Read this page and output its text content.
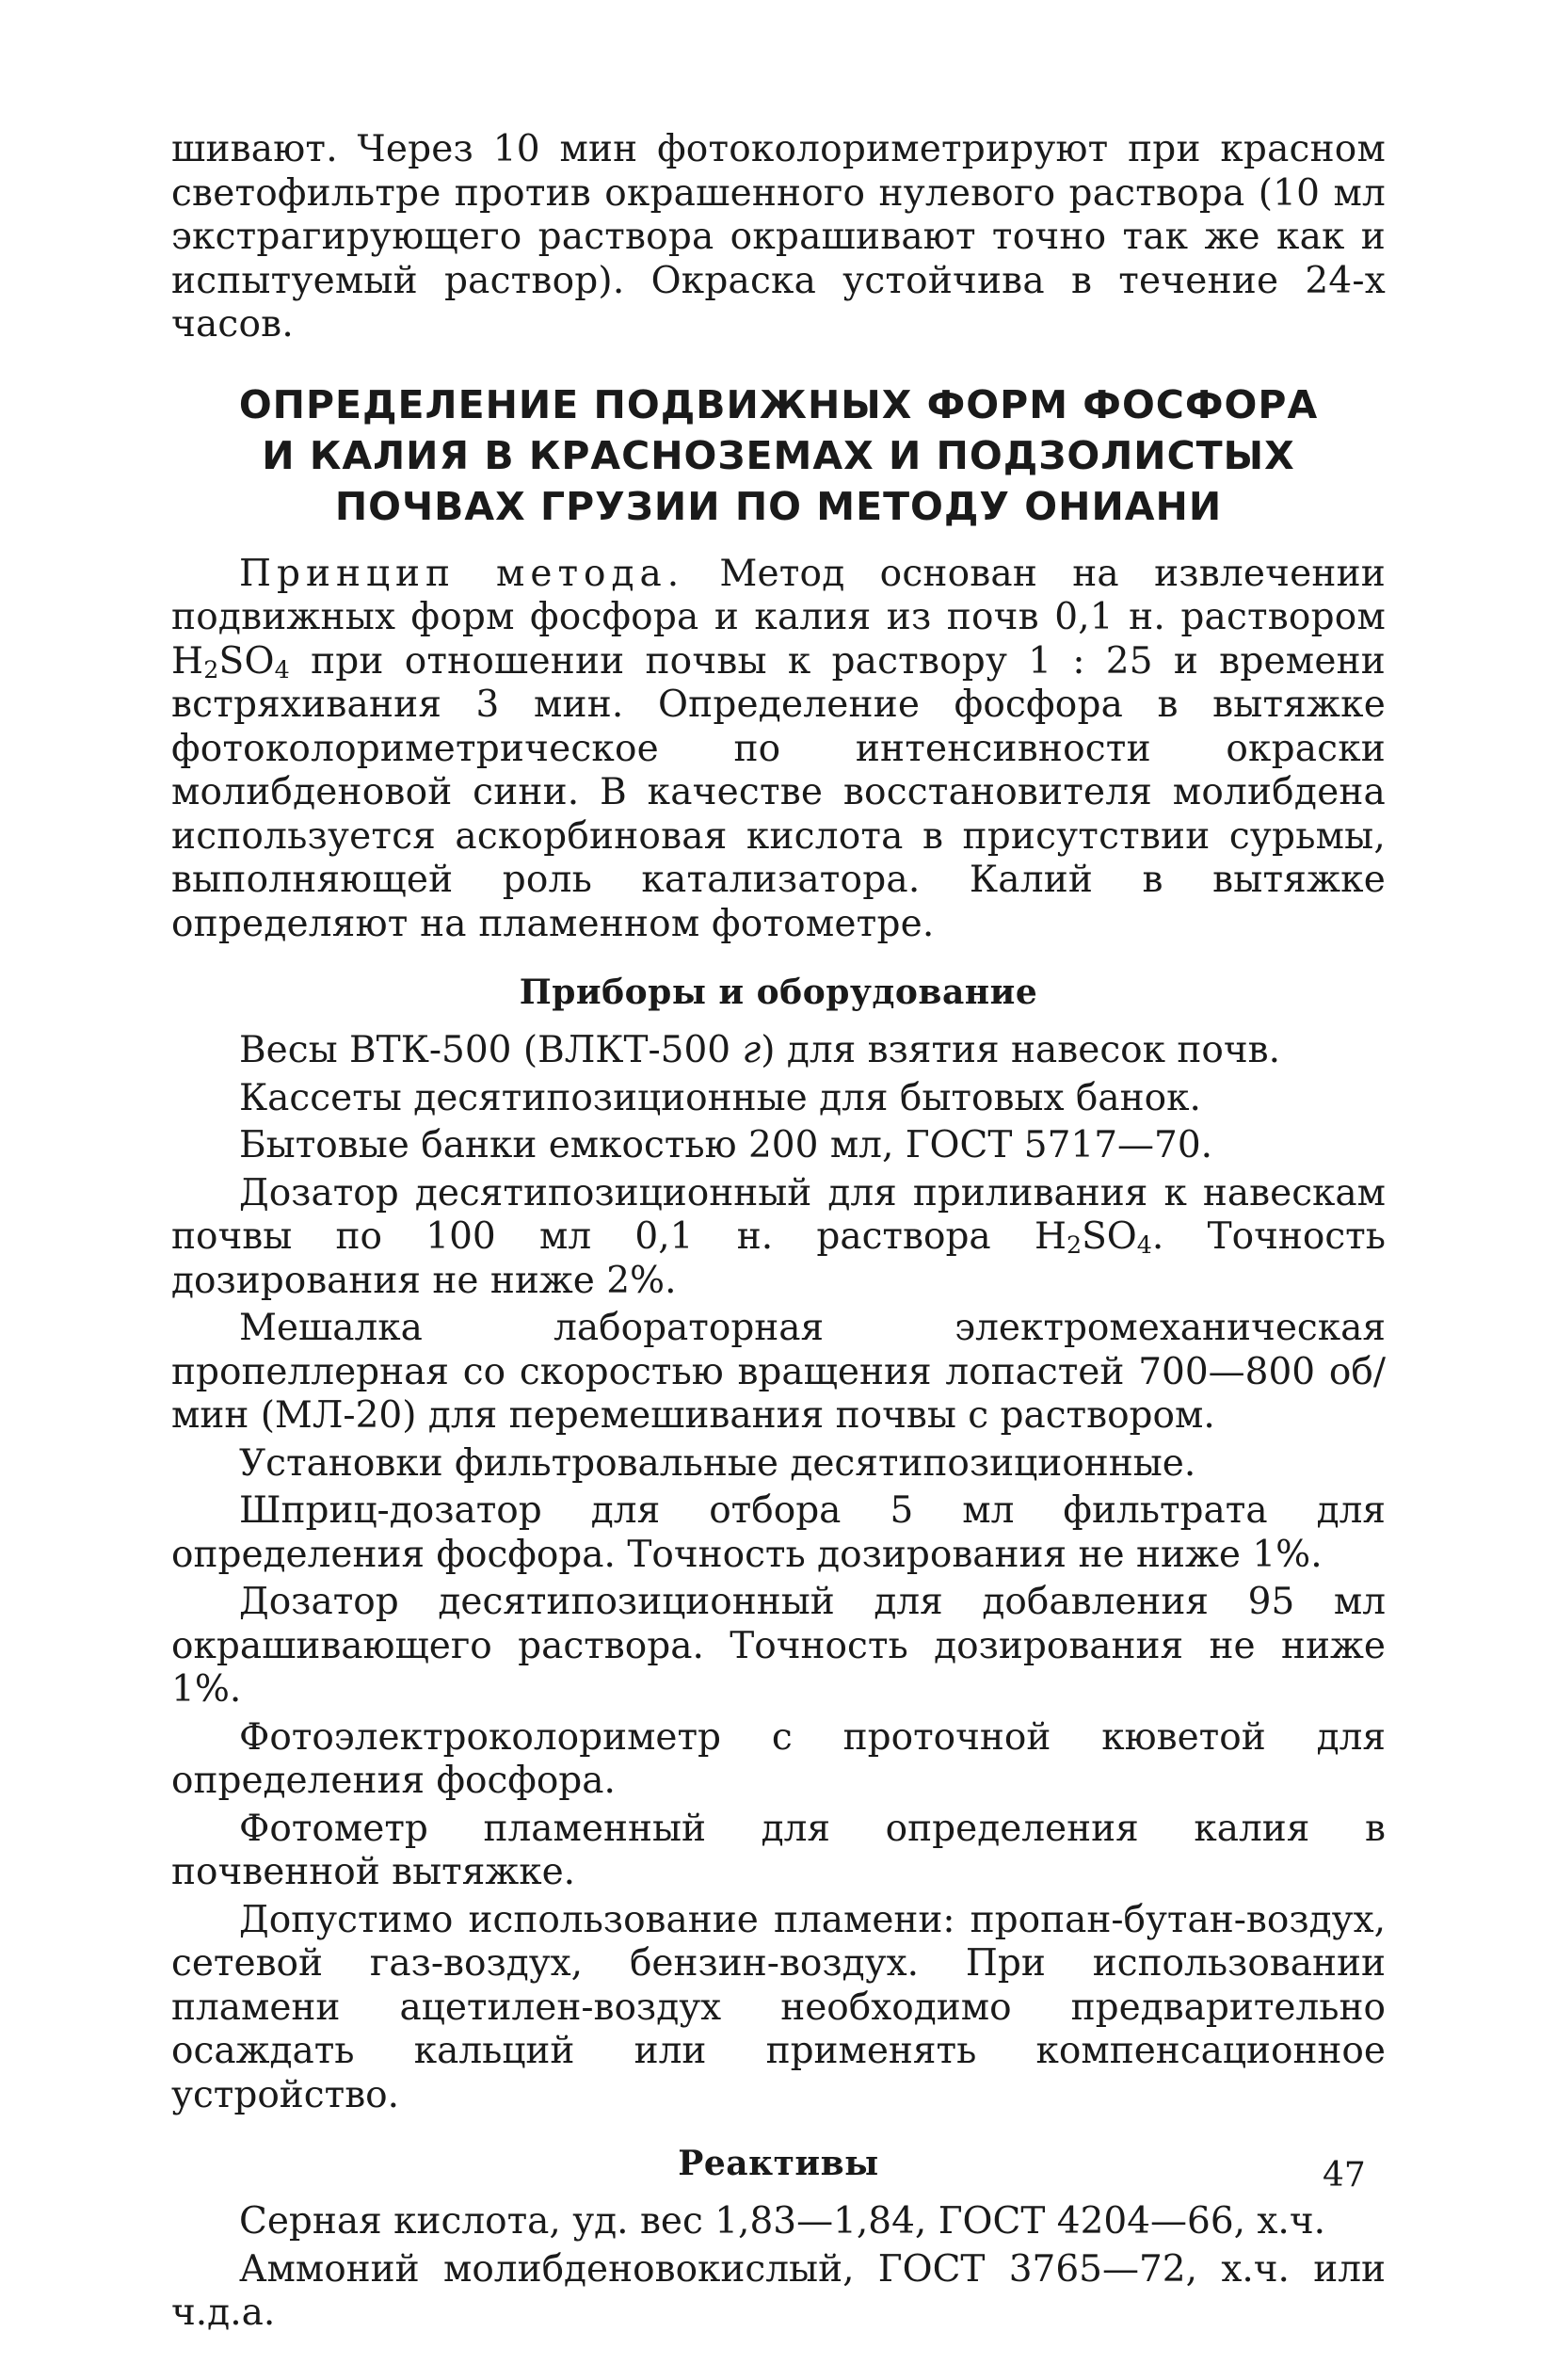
шивают. Через 10 мин фотоколориметрируют при красном светофильтре против окрашенного нулевого раствора (10 мл экстрагирующего раствора окрашивают точно так же как и испытуемый раствор). Окраска устойчива в течение 24-х часов.

ОПРЕДЕЛЕНИЕ ПОДВИЖНЫХ ФОРМ ФОСФОРА
И КАЛИЯ В КРАСНОЗЕМАХ И ПОДЗОЛИСТЫХ
ПОЧВАХ ГРУЗИИ ПО МЕТОДУ ОНИАНИ

Принцип метода. Метод основан на извлечении подвижных форм фосфора и калия из почв 0,1 н. раствором $H_2SO_4$ при отношении почвы к раствору 1 : 25 и времени встряхивания 3 мин. Определение фосфора в вытяжке фотоколориметрическое по интенсивности окраски молибденовой сини. В качестве восстановителя молибдена используется аскорбиновая кислота в присутствии сурьмы, выполняющей роль катализатора. Калий в вытяжке определяют на пламенном фотометре.

Приборы и оборудование

Весы ВТК-500 (ВЛКТ-500 г) для взятия навесок почв.

Кассеты десятипозиционные для бытовых банок.

Бытовые банки емкостью 200 мл, ГОСТ 5717—70.

Дозатор десятипозиционный для приливания к навескам почвы по 100 мл 0,1 н. раствора $H_2SO_4$. Точность дозирования не ниже 2%.

Мешалка лабораторная электромеханическая пропеллерная со скоростью вращения лопастей 700—800 об/мин (МЛ-20) для перемешивания почвы с раствором.

Установки фильтровальные десятипозиционные.

Шприц-дозатор для отбора 5 мл фильтрата для определения фосфора. Точность дозирования не ниже 1%.

Дозатор десятипозиционный для добавления 95 мл окрашивающего раствора. Точность дозирования не ниже 1%.

Фотоэлектроколориметр с проточной кюветой для определения фосфора.

Фотометр пламенный для определения калия в почвенной вытяжке.

Допустимо использование пламени: пропан-бутан-воздух, сетевой газ-воздух, бензин-воздух. При использовании пламени ацетилен-воздух необходимо предварительно осаждать кальций или применять компенсационное устройство.

Реактивы

Серная кислота, уд. вес 1,83—1,84, ГОСТ 4204—66, х.ч.

Аммоний молибденовокислый, ГОСТ 3765—72, х.ч. или ч.д.а.

47
